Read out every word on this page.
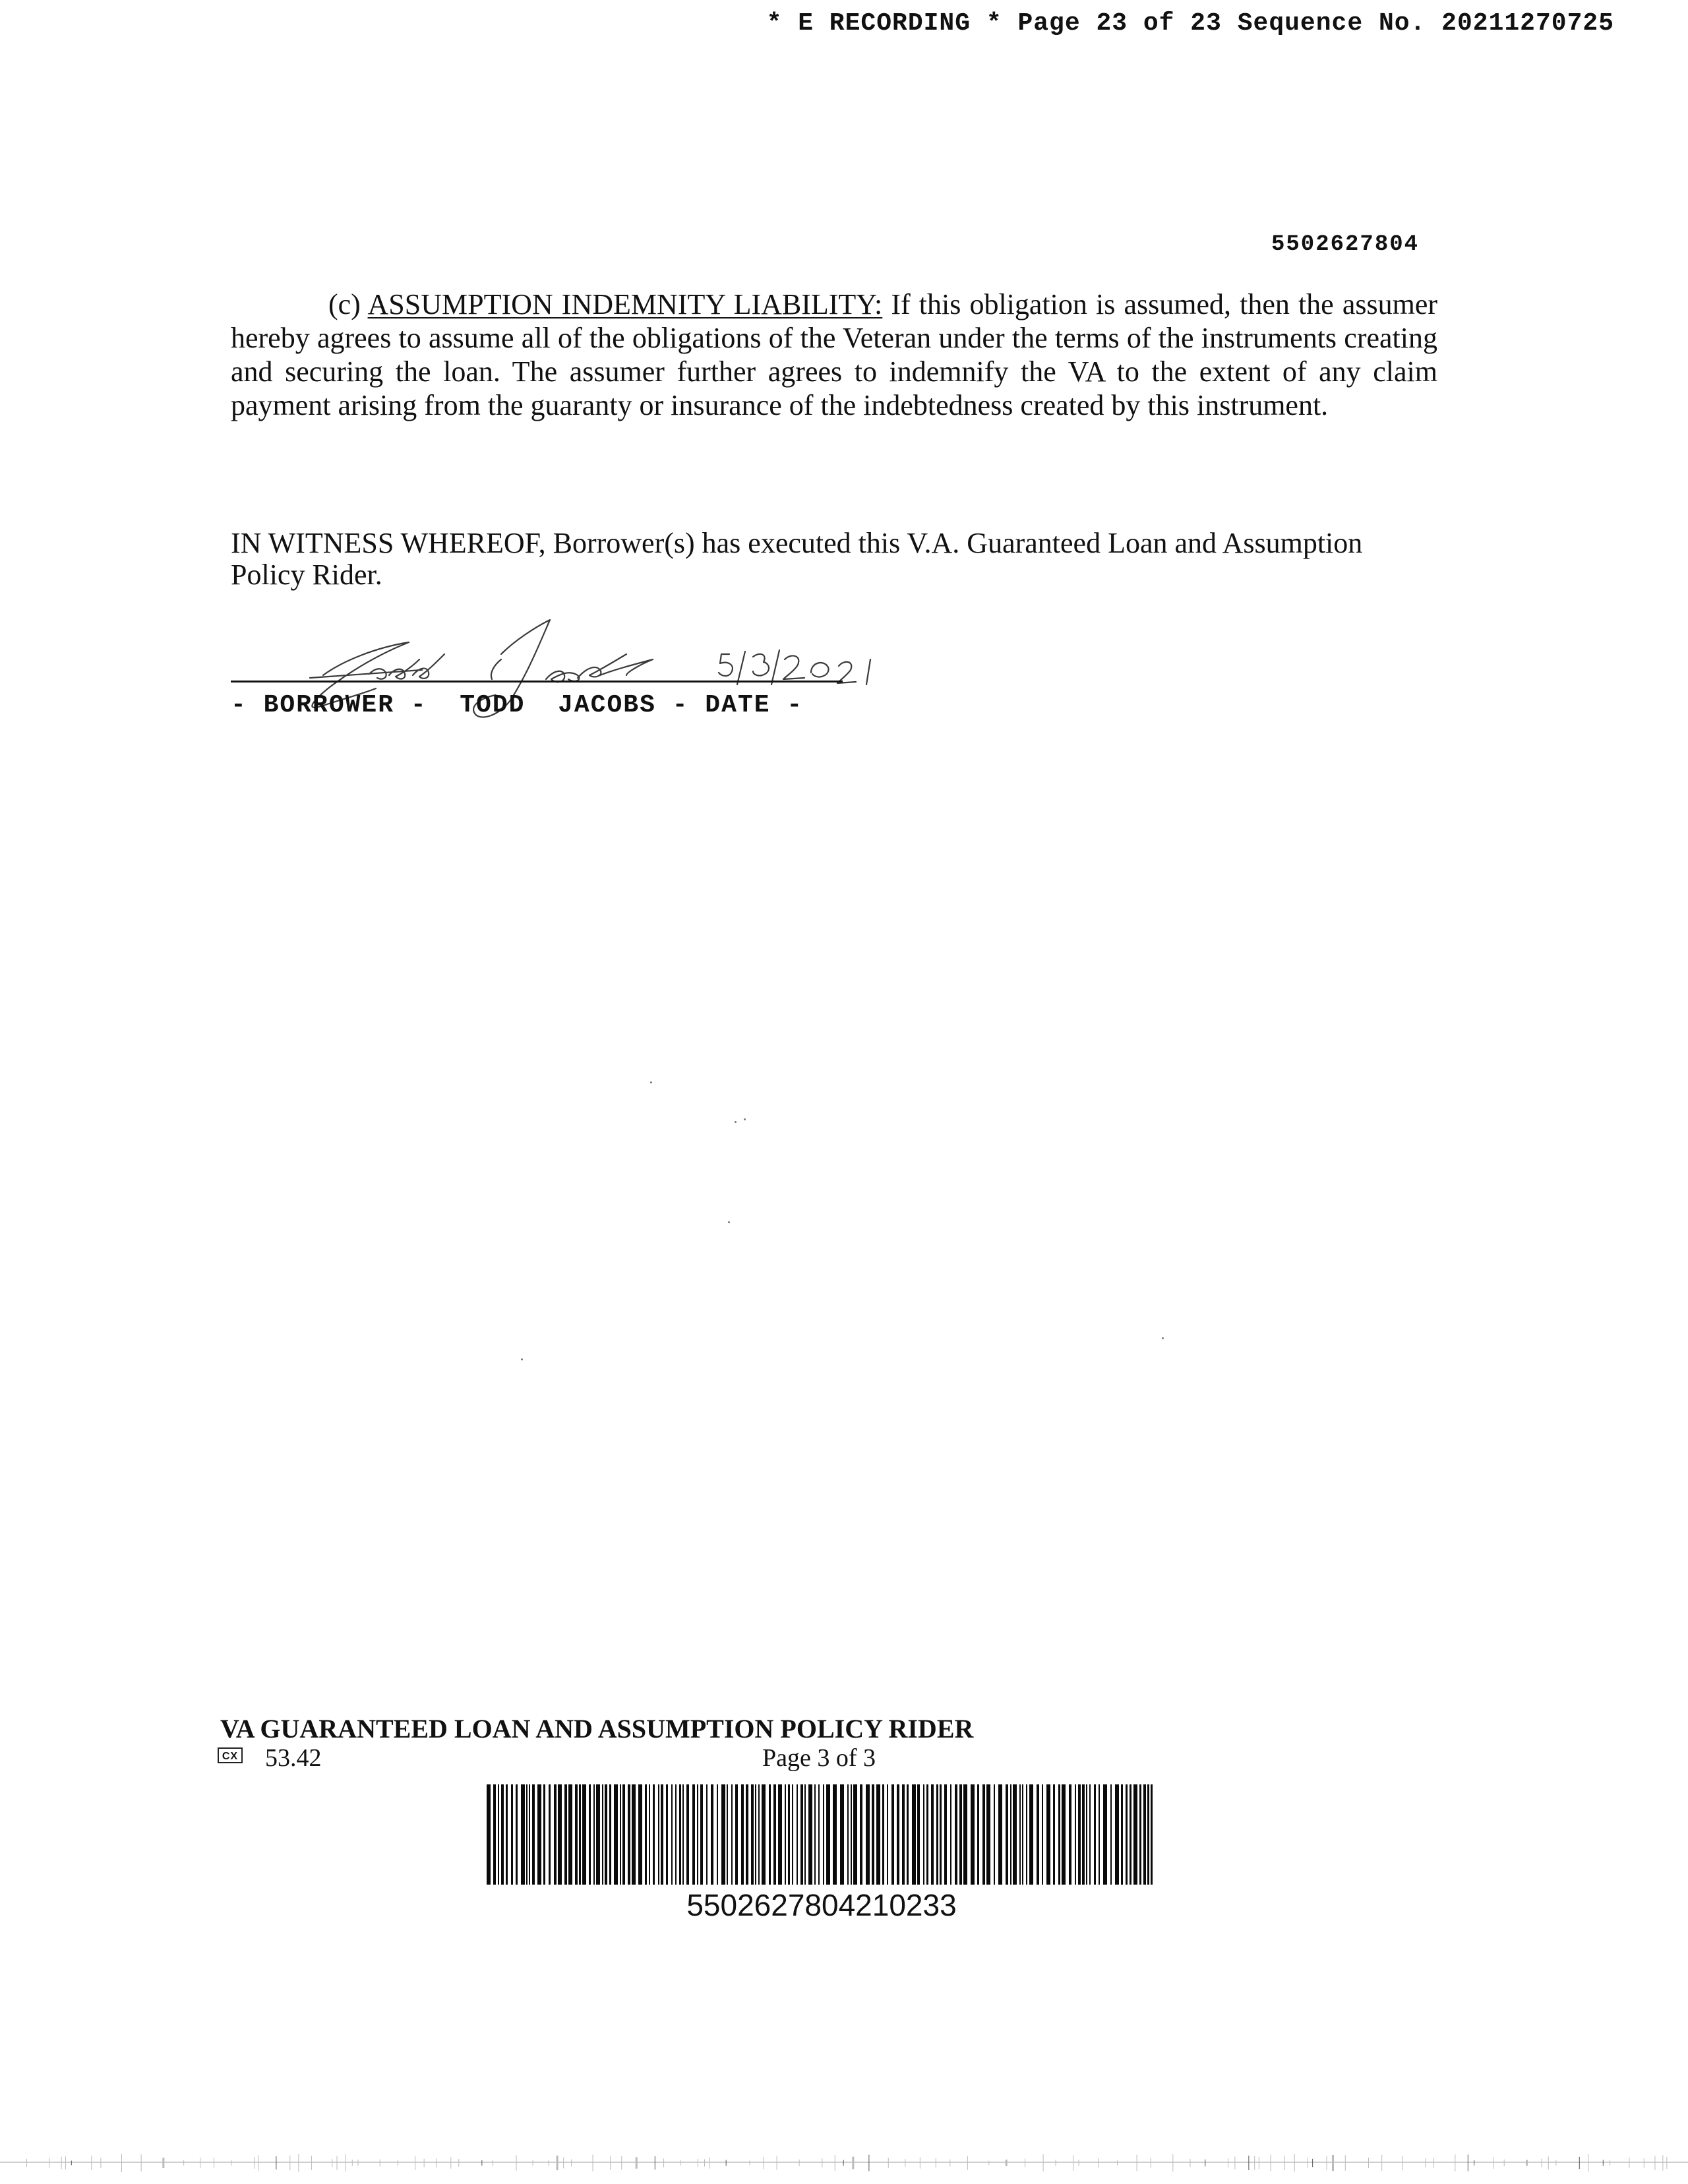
* E RECORDING * Page 23 of 23 Sequence No. 20211270725
5502627804
(c) ASSUMPTION INDEMNITY LIABILITY: If this obligation is assumed, then the assumer hereby agrees to assume all of the obligations of the Veteran under the terms of the instruments creating and securing the loan. The assumer further agrees to indemnify the VA to the extent of any claim payment arising from the guaranty or insurance of the indebtedness created by this instrument.
IN WITNESS WHEREOF, Borrower(s) has executed this V.A. Guaranteed Loan and Assumption Policy Rider.
- BORROWER -  TODD  JACOBS - DATE -
VA GUARANTEED LOAN AND ASSUMPTION POLICY RIDER
CX 53.42	Page 3 of 3
5502627804210233
